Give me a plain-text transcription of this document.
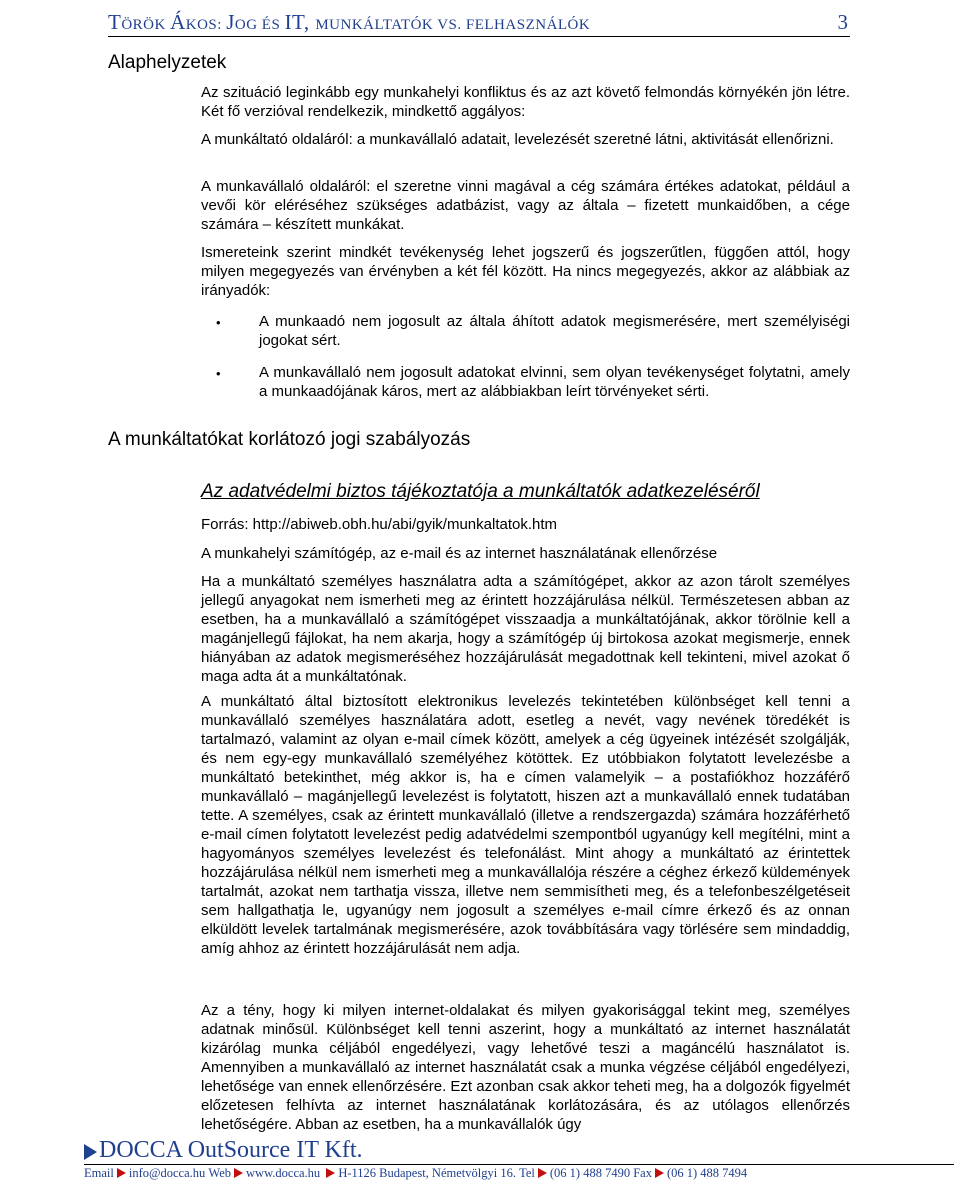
TÖRÖK ÁKOS: JOG ÉS IT, MUNKÁLTATÓK VS. FELHASZNÁLÓK	3
Alaphelyzetek

Az szituáció leginkább egy munkahelyi konfliktus és az azt követő felmondás környékén jön létre. Két fő verzióval rendelkezik, mindkettő aggályos:

A munkáltató oldaláról: a munkavállaló adatait, levelezését szeretné látni, aktivitását ellenőrizni.

A munkavállaló oldaláról: el szeretne vinni magával a cég számára értékes adatokat, például a vevői kör eléréséhez szükséges adatbázist, vagy az általa – fizetett munkaidőben, a cége számára – készített munkákat.

Ismereteink szerint mindkét tevékenység lehet jogszerű és jogszerűtlen, függően attól, hogy milyen megegyezés van érvényben a két fél között. Ha nincs megegyezés, akkor az alábbiak az irányadók:

•	A munkaadó nem jogosult az általa áhított adatok megismerésére, mert személyiségi jogokat sért.

•	A munkavállaló nem jogosult adatokat elvinni, sem olyan tevékenységet folytatni, amely a munkaadójának káros, mert az alábbiakban leírt törvényeket sérti.

A munkáltatókat korlátozó jogi szabályozás
Az adatvédelmi biztos tájékoztatója a munkáltatók adatkezeléséről

Forrás: http://abiweb.obh.hu/abi/gyik/munkaltatok.htm

A munkahelyi számítógép, az e-mail és az internet használatának ellenőrzése

Ha a munkáltató személyes használatra adta a számítógépet, akkor az azon tárolt személyes jellegű anyagokat nem ismerheti meg az érintett hozzájárulása nélkül. Természetesen abban az esetben, ha a munkavállaló a számítógépet visszaadja a munkáltatójának, akkor törölnie kell a magánjellegű fájlokat, ha nem akarja, hogy a számítógép új birtokosa azokat megismerje, ennek hiányában az adatok megismeréséhez hozzájárulását megadottnak kell tekinteni, mivel azokat ő maga adta át a munkáltatónak.

A munkáltató által biztosított elektronikus levelezés tekintetében különbséget kell tenni a munkavállaló személyes használatára adott, esetleg a nevét, vagy nevének töredékét is tartalmazó, valamint az olyan e-mail címek között, amelyek a cég ügyeinek intézését szolgálják, és nem egy-egy munkavállaló személyéhez kötöttek. Ez utóbbiakon folytatott levelezésbe a munkáltató betekinthet, még akkor is, ha e címen valamelyik – a postafiókhoz hozzáférő munkavállaló – magánjellegű levelezést is folytatott, hiszen azt a munkavállaló ennek tudatában tette. A személyes, csak az érintett munkavállaló (illetve a rendszergazda) számára hozzáférhető e-mail címen folytatott levelezést pedig adatvédelmi szempontból ugyanúgy kell megítélni, mint a hagyományos személyes levelezést és telefonálást. Mint ahogy a munkáltató az érintettek hozzájárulása nélkül nem ismerheti meg a munkavállalója részére a céghez érkező küldemények tartalmát, azokat nem tarthatja vissza, illetve nem semmisítheti meg, és a telefonbeszélgetéseit sem hallgathatja le, ugyanúgy nem jogosult a személyes e-mail címre érkező és az onnan elküldött levelek tartalmának megismerésére, azok továbbítására vagy törlésére sem mindaddig, amíg ahhoz az érintett hozzájárulását nem adja.

Az a tény, hogy ki milyen internet-oldalakat és milyen gyakorisággal tekint meg, személyes adatnak minősül. Különbséget kell tenni aszerint, hogy a munkáltató az internet használatát kizárólag munka céljából engedélyezi, vagy lehetővé teszi a magáncélú használatot is. Amennyiben a munkavállaló az internet használatát csak a munka végzése céljából engedélyezi, lehetősége van ennek ellenőrzésére. Ezt azonban csak akkor teheti meg, ha a dolgozók figyelmét előzetesen felhívta az internet használatának korlátozására, és az utólagos ellenőrzés lehetőségére. Abban az esetben, ha a munkavállalók úgy

DOCCA OutSource IT Kft.
Email info@docca.hu Web www.docca.hu H-1126 Budapest, Németvölgyi 16. Tel (06 1) 488 7490 Fax (06 1) 488 7494
